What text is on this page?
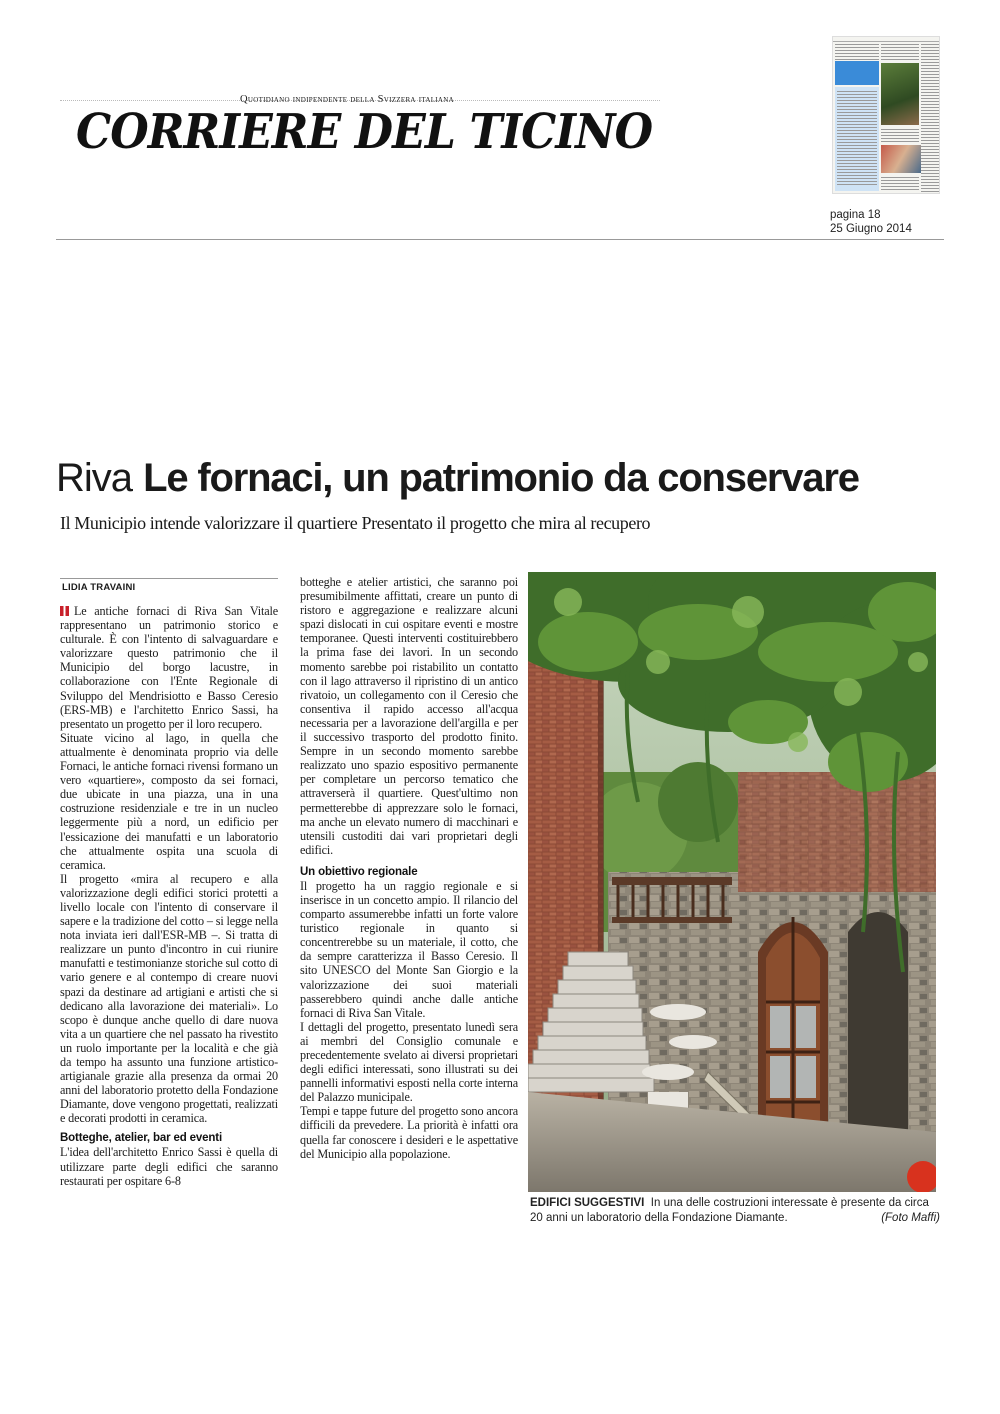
Quotidiano indipendente della Svizzera italiana
CORRIERE DEL TICINO
pagina 18
25 Giugno 2014
Riva Le fornaci, un patrimonio da conservare
Il Municipio intende valorizzare il quartiere Presentato il progetto che mira al recupero
LIDIA TRAVAINI

Le antiche fornaci di Riva San Vitale rappresentano un patrimonio storico e culturale. È con l'intento di salvaguardare e valorizzare questo patrimonio che il Municipio del borgo lacustre, in collaborazione con l'Ente Regionale di Sviluppo del Mendrisiotto e Basso Ceresio (ERS-MB) e l'architetto Enrico Sassi, ha presentato un progetto per il loro recupero.

Situate vicino al lago, in quella che attualmente è denominata proprio via delle Fornaci, le antiche fornaci rivensi formano un vero «quartiere», composto da sei fornaci, due ubicate in una piazza, una in una costruzione residenziale e tre in un nucleo leggermente più a nord, un edificio per l'essicazione dei manufatti e un laboratorio che attualmente ospita una scuola di ceramica.

Il progetto «mira al recupero e alla valorizzazione degli edifici storici protetti a livello locale con l'intento di conservare il sapere e la tradizione del cotto – si legge nella nota inviata ieri dall'ESR-MB –. Si tratta di realizzare un punto d'incontro in cui riunire manufatti e testimonianze storiche sul cotto di vario genere e al contempo di creare nuovi spazi da destinare ad artigiani e artisti che si dedicano alla lavorazione dei materiali». Lo scopo è dunque anche quello di dare nuova vita a un quartiere che nel passato ha rivestito un ruolo importante per la località e che già da tempo ha assunto una funzione artistico-artigianale grazie alla presenza da ormai 20 anni del laboratorio protetto della Fondazione Diamante, dove vengono progettati, realizzati e decorati prodotti in ceramica.

Botteghe, atelier, bar ed eventi

L'idea dell'architetto Enrico Sassi è quella di utilizzare parte degli edifici che saranno restaurati per ospitare 6-8

botteghe e atelier artistici, che saranno poi presumibilmente affittati, creare un punto di ristoro e aggregazione e realizzare alcuni spazi dislocati in cui ospitare eventi e mostre temporanee. Questi interventi costituirebbero la prima fase dei lavori. In un secondo momento sarebbe poi ristabilito un contatto con il lago attraverso il ripristino di un antico rivatoio, un collegamento con il Ceresio che consentiva il rapido accesso all'acqua necessaria per a lavorazione dell'argilla e per il successivo trasporto del prodotto finito. Sempre in un secondo momento sarebbe realizzato uno spazio espositivo permanente per completare un percorso tematico che attraverserà il quartiere. Quest'ultimo non permetterebbe di apprezzare solo le fornaci, ma anche un elevato numero di macchinari e utensili custoditi dai vari proprietari degli edifici.

Un obiettivo regionale

Il progetto ha un raggio regionale e si inserisce in un concetto ampio. Il rilancio del comparto assumerebbe infatti un forte valore turistico regionale in quanto si concentrerebbe su un materiale, il cotto, che da sempre caratterizza il Basso Ceresio. Il sito UNESCO del Monte San Giorgio e la valorizzazione dei suoi materiali passerebbero quindi anche dalle antiche fornaci di Riva San Vitale.

I dettagli del progetto, presentato lunedì sera ai membri del Consiglio comunale e precedentemente svelato ai diversi proprietari degli edifici interessati, sono illustrati su dei pannelli informativi esposti nella corte interna del Palazzo municipale.

Tempi e tappe future del progetto sono ancora difficili da prevedere. La priorità è infatti ora quella far conoscere i desideri e le aspettative del Municipio alla popolazione.

EDIFICI SUGGESTIVI In una delle costruzioni interessate è presente da circa 20 anni un laboratorio della Fondazione Diamante.	(Foto Maffi)
